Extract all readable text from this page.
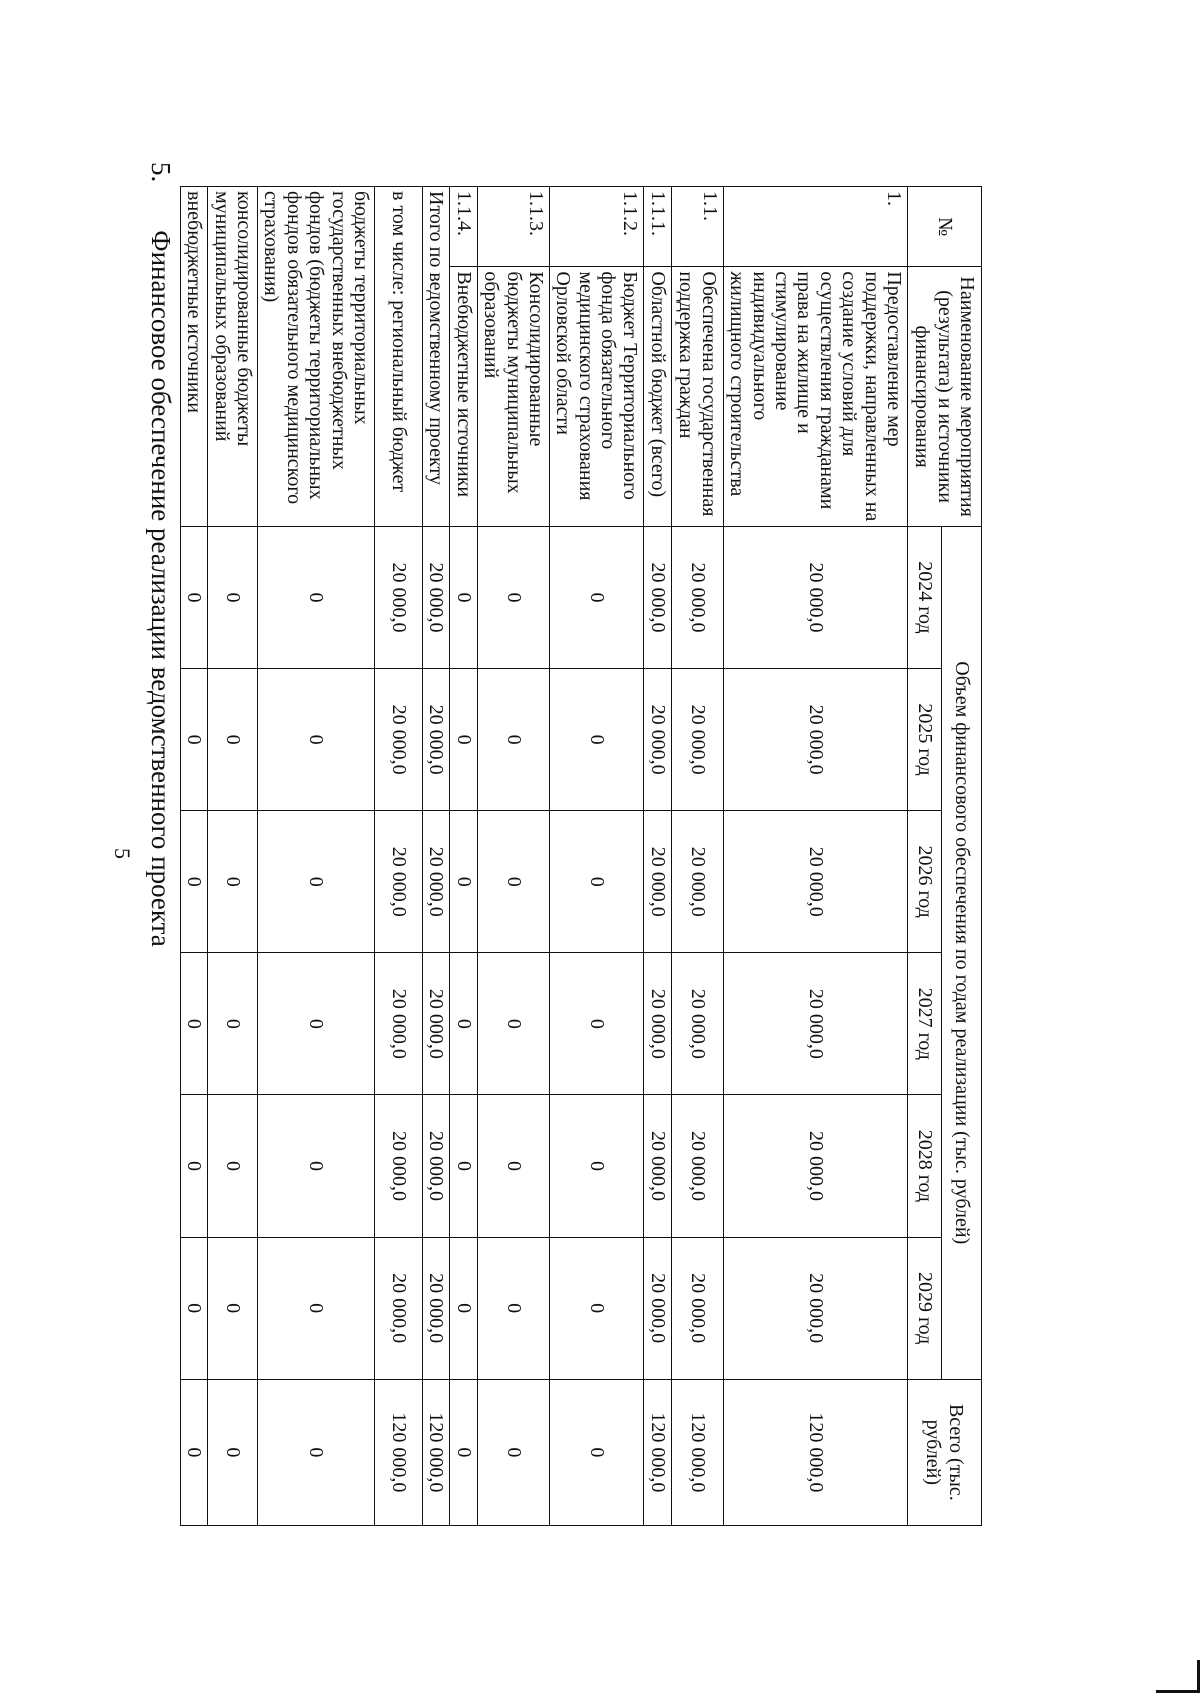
5
5.Финансовое обеспечение реализации ведомственного проекта
№	Наименование мероприятия (результата) и источники финансирования	Объем финансового обеспечения по годам реализации (тыс. рублей)						Всего (тыс. рублей)
		2024 год	2025 год	2026 год	2027 год	2028 год	2029 год	
1.	Предоставление мер поддержки, направленных на создание условий для осуществления гражданами права на жилище и стимулирование индивидуального жилищного строительства	20 000,0	20 000,0	20 000,0	20 000,0	20 000,0	20 000,0	120 000,0
1.1.	Обеспечена государственная поддержка граждан	20 000,0	20 000,0	20 000,0	20 000,0	20 000,0	20 000,0	120 000,0
1.1.1.	Областной бюджет (всего)	20 000,0	20 000,0	20 000,0	20 000,0	20 000,0	20 000,0	120 000,0
1.1.2.	Бюджет Территориального фонда обязательного медицинского страхования Орловской области	0	0	0	0	0	0	0
1.1.3.	Консолидированные бюджеты муниципальных образований	0	0	0	0	0	0	0
1.1.4.	Внебюджетные источники	0	0	0	0	0	0	0
Итого по ведомственному проекту		20 000,0	20 000,0	20 000,0	20 000,0	20 000,0	20 000,0	120 000,0
в том числе: региональный бюджет		20 000,0	20 000,0	20 000,0	20 000,0	20 000,0	20 000,0	120 000,0
бюджеты территориальных государственных внебюджетных фондов (бюджеты территориальных фондов обязательного медицинского страхования)		0	0	0	0	0	0	0
консолидированные бюджеты муниципальных образований		0	0	0	0	0	0	0
внебюджетные источники		0	0	0	0	0	0	0
